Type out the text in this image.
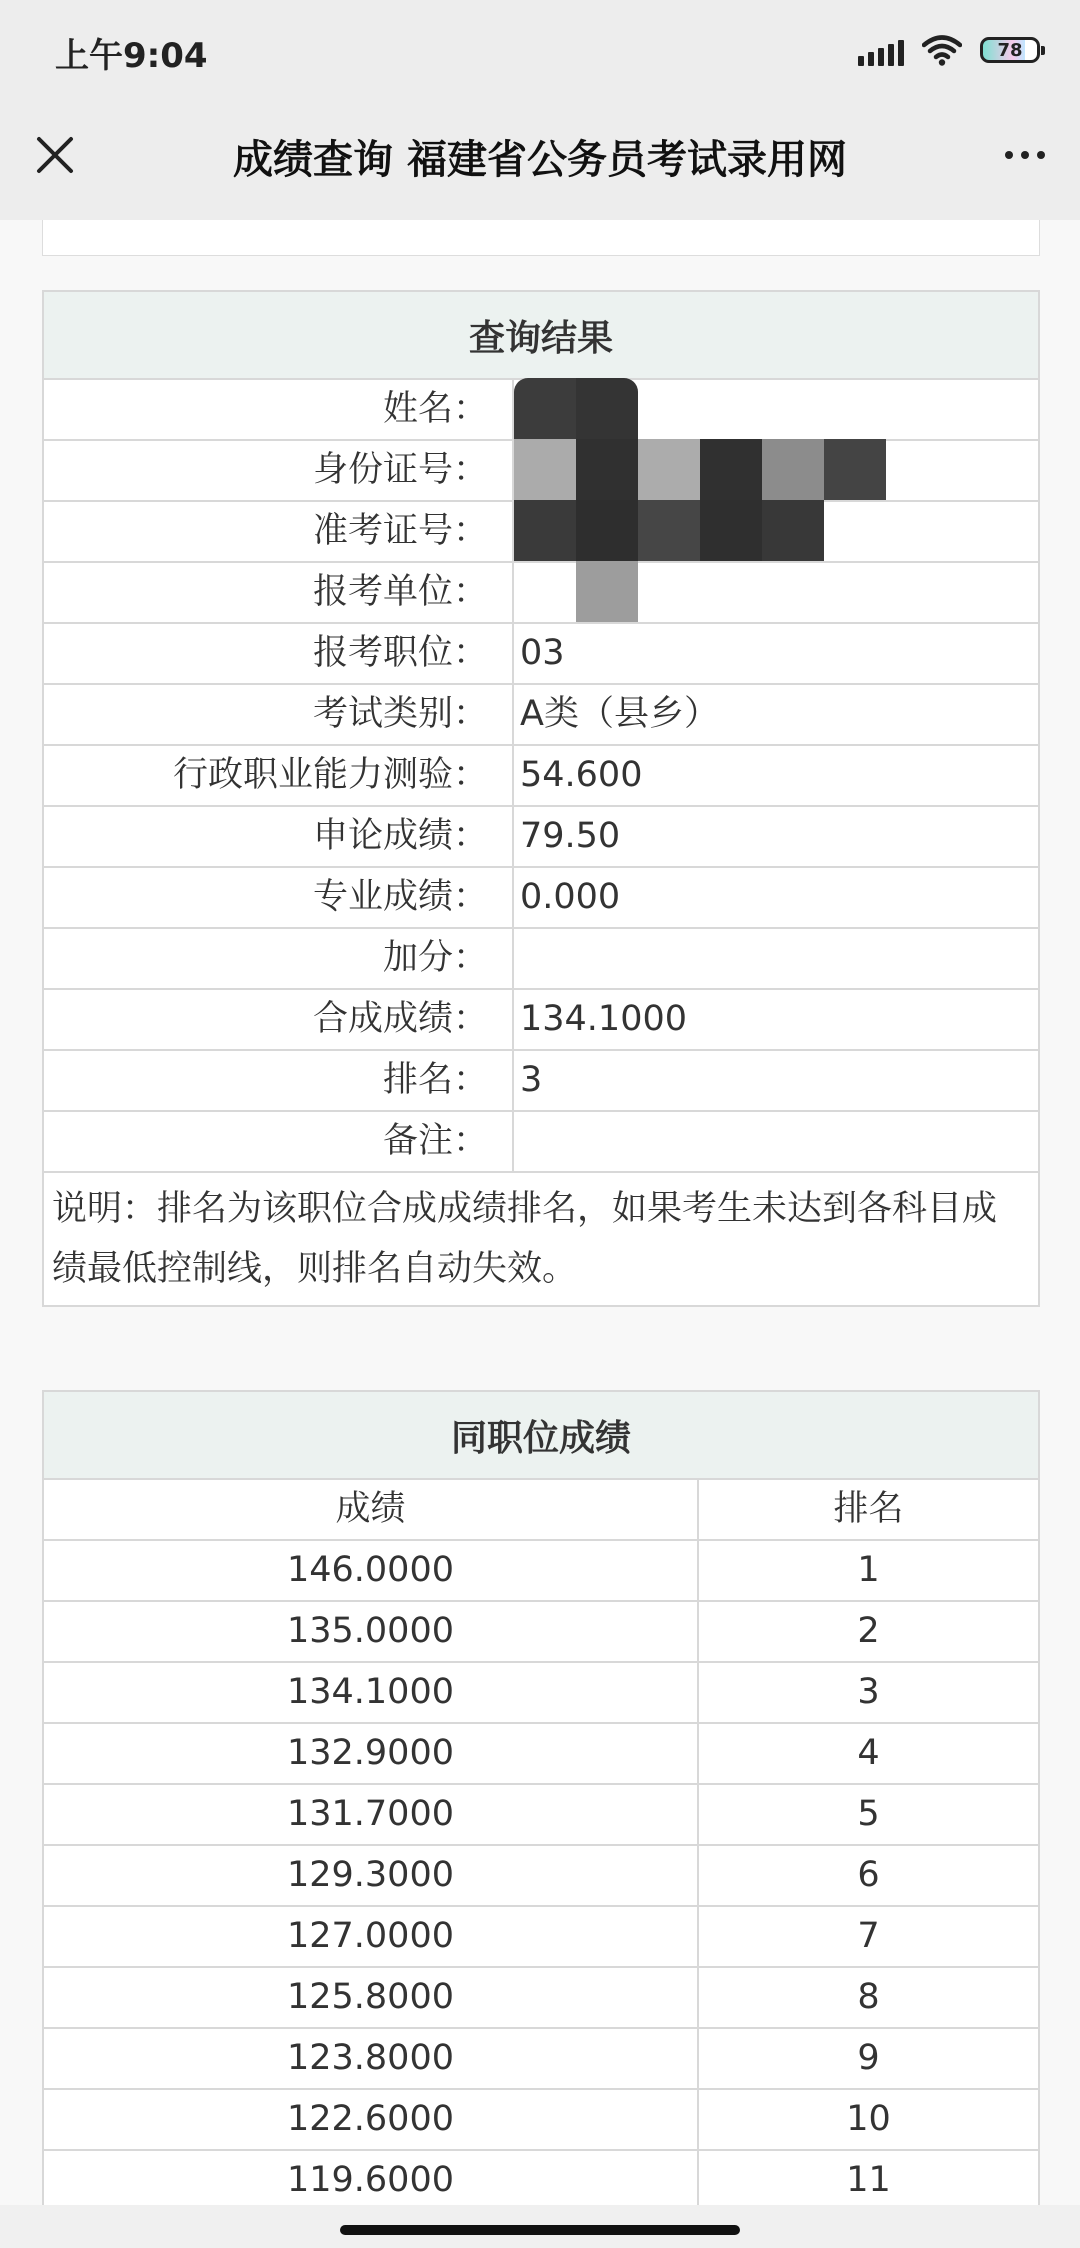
上午9:04	78
成绩查询 福建省公务员考试录用网
查询结果
姓名：
身份证号：
准考证号：
报考单位：
报考职位： 03
考试类别： A类（县乡）
行政职业能力测验： 54.600
申论成绩： 79.50
专业成绩： 0.000
加分：
合成成绩： 134.1000
排名： 3
备注：
说明：排名为该职位合成成绩排名，如果考生未达到各科目成绩最低控制线，则排名自动失效。
同职位成绩
成绩	排名
146.0000	1
135.0000	2
134.1000	3
132.9000	4
131.7000	5
129.3000	6
127.0000	7
125.8000	8
123.8000	9
122.6000	10
119.6000	11
